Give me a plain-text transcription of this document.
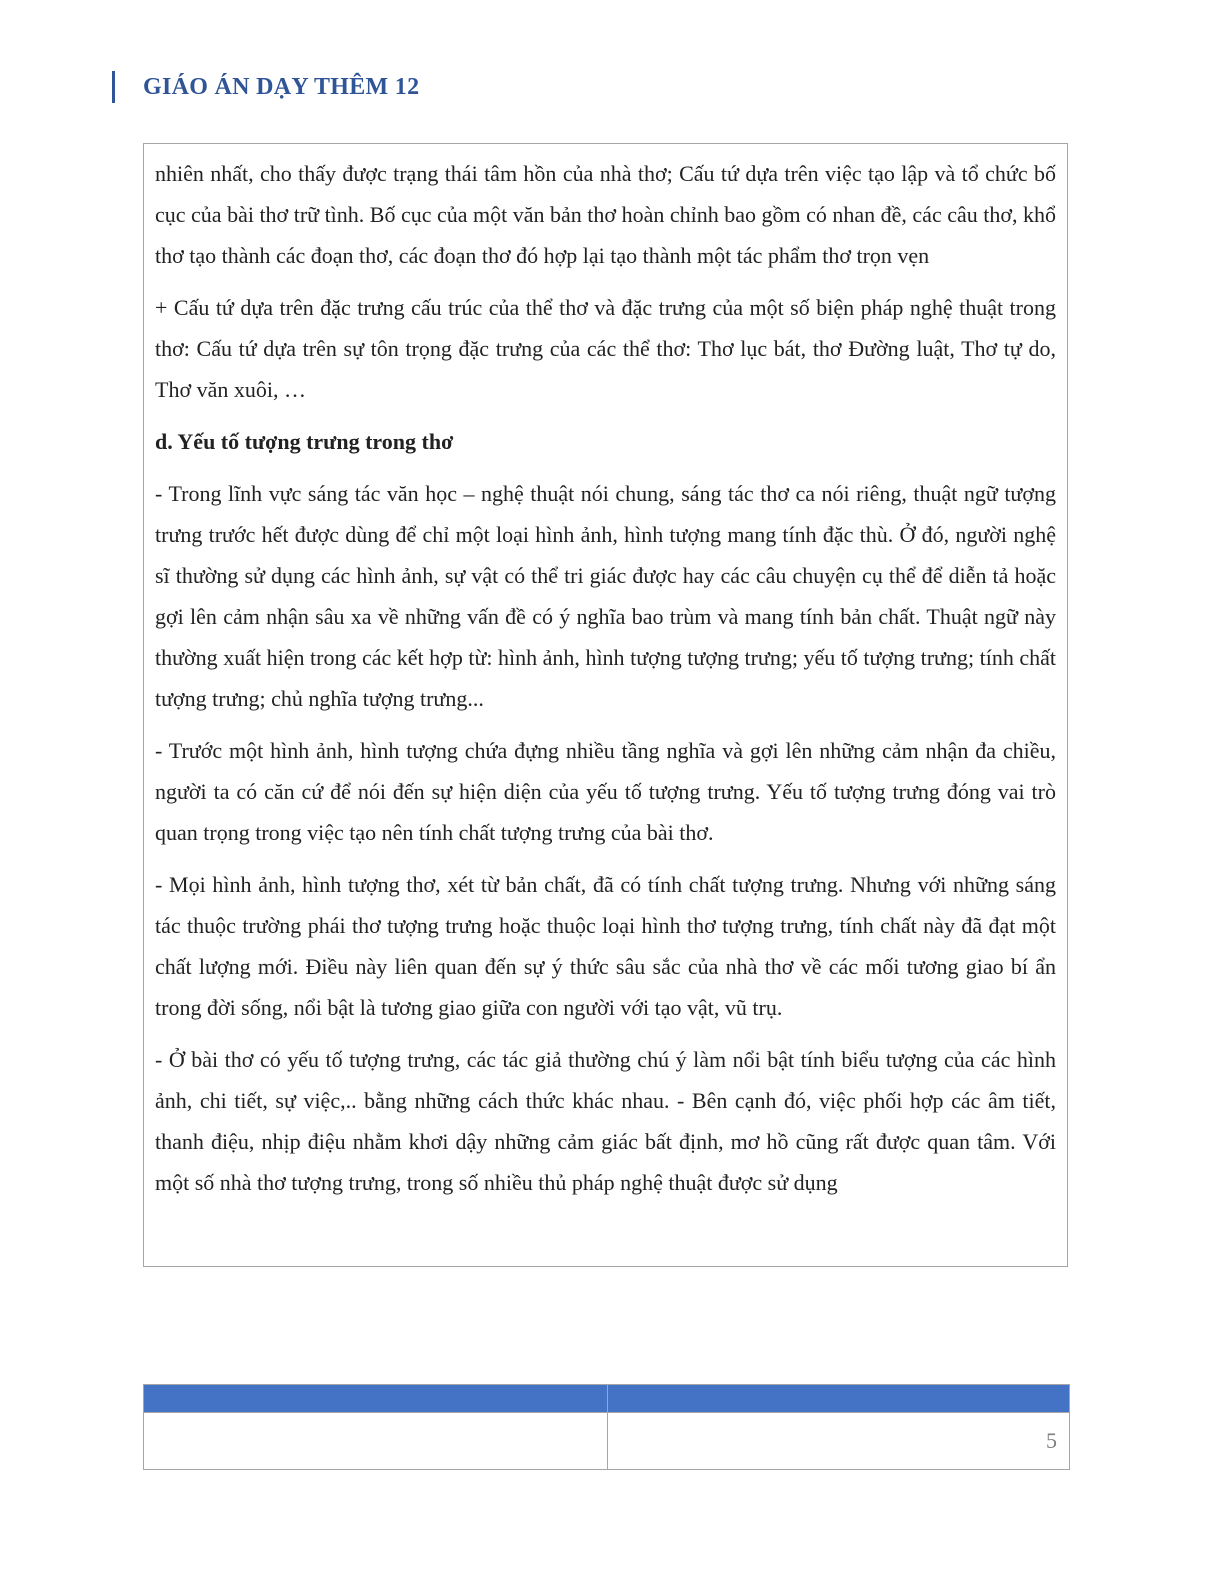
GIÁO ÁN DẠY THÊM 12

nhiên nhất, cho thấy được trạng thái tâm hồn của nhà thơ; Cấu tứ dựa trên việc tạo lập và tổ chức bố cục của bài thơ trữ tình. Bố cục của một văn bản thơ hoàn chỉnh bao gồm có nhan đề, các câu thơ, khổ thơ tạo thành các đoạn thơ, các đoạn thơ đó hợp lại tạo thành một tác phẩm thơ trọn vẹn

+ Cấu tứ dựa trên đặc trưng cấu trúc của thể thơ và đặc trưng của một số biện pháp nghệ thuật trong thơ: Cấu tứ dựa trên sự tôn trọng đặc trưng của các thể thơ: Thơ lục bát, thơ Đường luật, Thơ tự do, Thơ văn xuôi, …

d. Yếu tố tượng trưng trong thơ

- Trong lĩnh vực sáng tác văn học – nghệ thuật nói chung, sáng tác thơ ca nói riêng, thuật ngữ tượng trưng trước hết được dùng để chỉ một loại hình ảnh, hình tượng mang tính đặc thù. Ở đó, người nghệ sĩ thường sử dụng các hình ảnh, sự vật có thể tri giác được hay các câu chuyện cụ thể để diễn tả hoặc gợi lên cảm nhận sâu xa về những vấn đề có ý nghĩa bao trùm và mang tính bản chất. Thuật ngữ này thường xuất hiện trong các kết hợp từ: hình ảnh, hình tượng tượng trưng; yếu tố tượng trưng; tính chất tượng trưng; chủ nghĩa tượng trưng...

- Trước một hình ảnh, hình tượng chứa đựng nhiều tầng nghĩa và gợi lên những cảm nhận đa chiều, người ta có căn cứ để nói đến sự hiện diện của yếu tố tượng trưng. Yếu tố tượng trưng đóng vai trò quan trọng trong việc tạo nên tính chất tượng trưng của bài thơ.

- Mọi hình ảnh, hình tượng thơ, xét từ bản chất, đã có tính chất tượng trưng. Nhưng với những sáng tác thuộc trường phái thơ tượng trưng hoặc thuộc loại hình thơ tượng trưng, tính chất này đã đạt một chất lượng mới. Điều này liên quan đến sự ý thức sâu sắc của nhà thơ về các mối tương giao bí ẩn trong đời sống, nổi bật là tương giao giữa con người với tạo vật, vũ trụ.

- Ở bài thơ có yếu tố tượng trưng, các tác giả thường chú ý làm nổi bật tính biểu tượng của các hình ảnh, chi tiết, sự việc,.. bằng những cách thức khác nhau. - Bên cạnh đó, việc phối hợp các âm tiết, thanh điệu, nhịp điệu nhằm khơi dậy những cảm giác bất định, mơ hồ cũng rất được quan tâm. Với một số nhà thơ tượng trưng, trong số nhiều thủ pháp nghệ thuật được sử dụng

	5
